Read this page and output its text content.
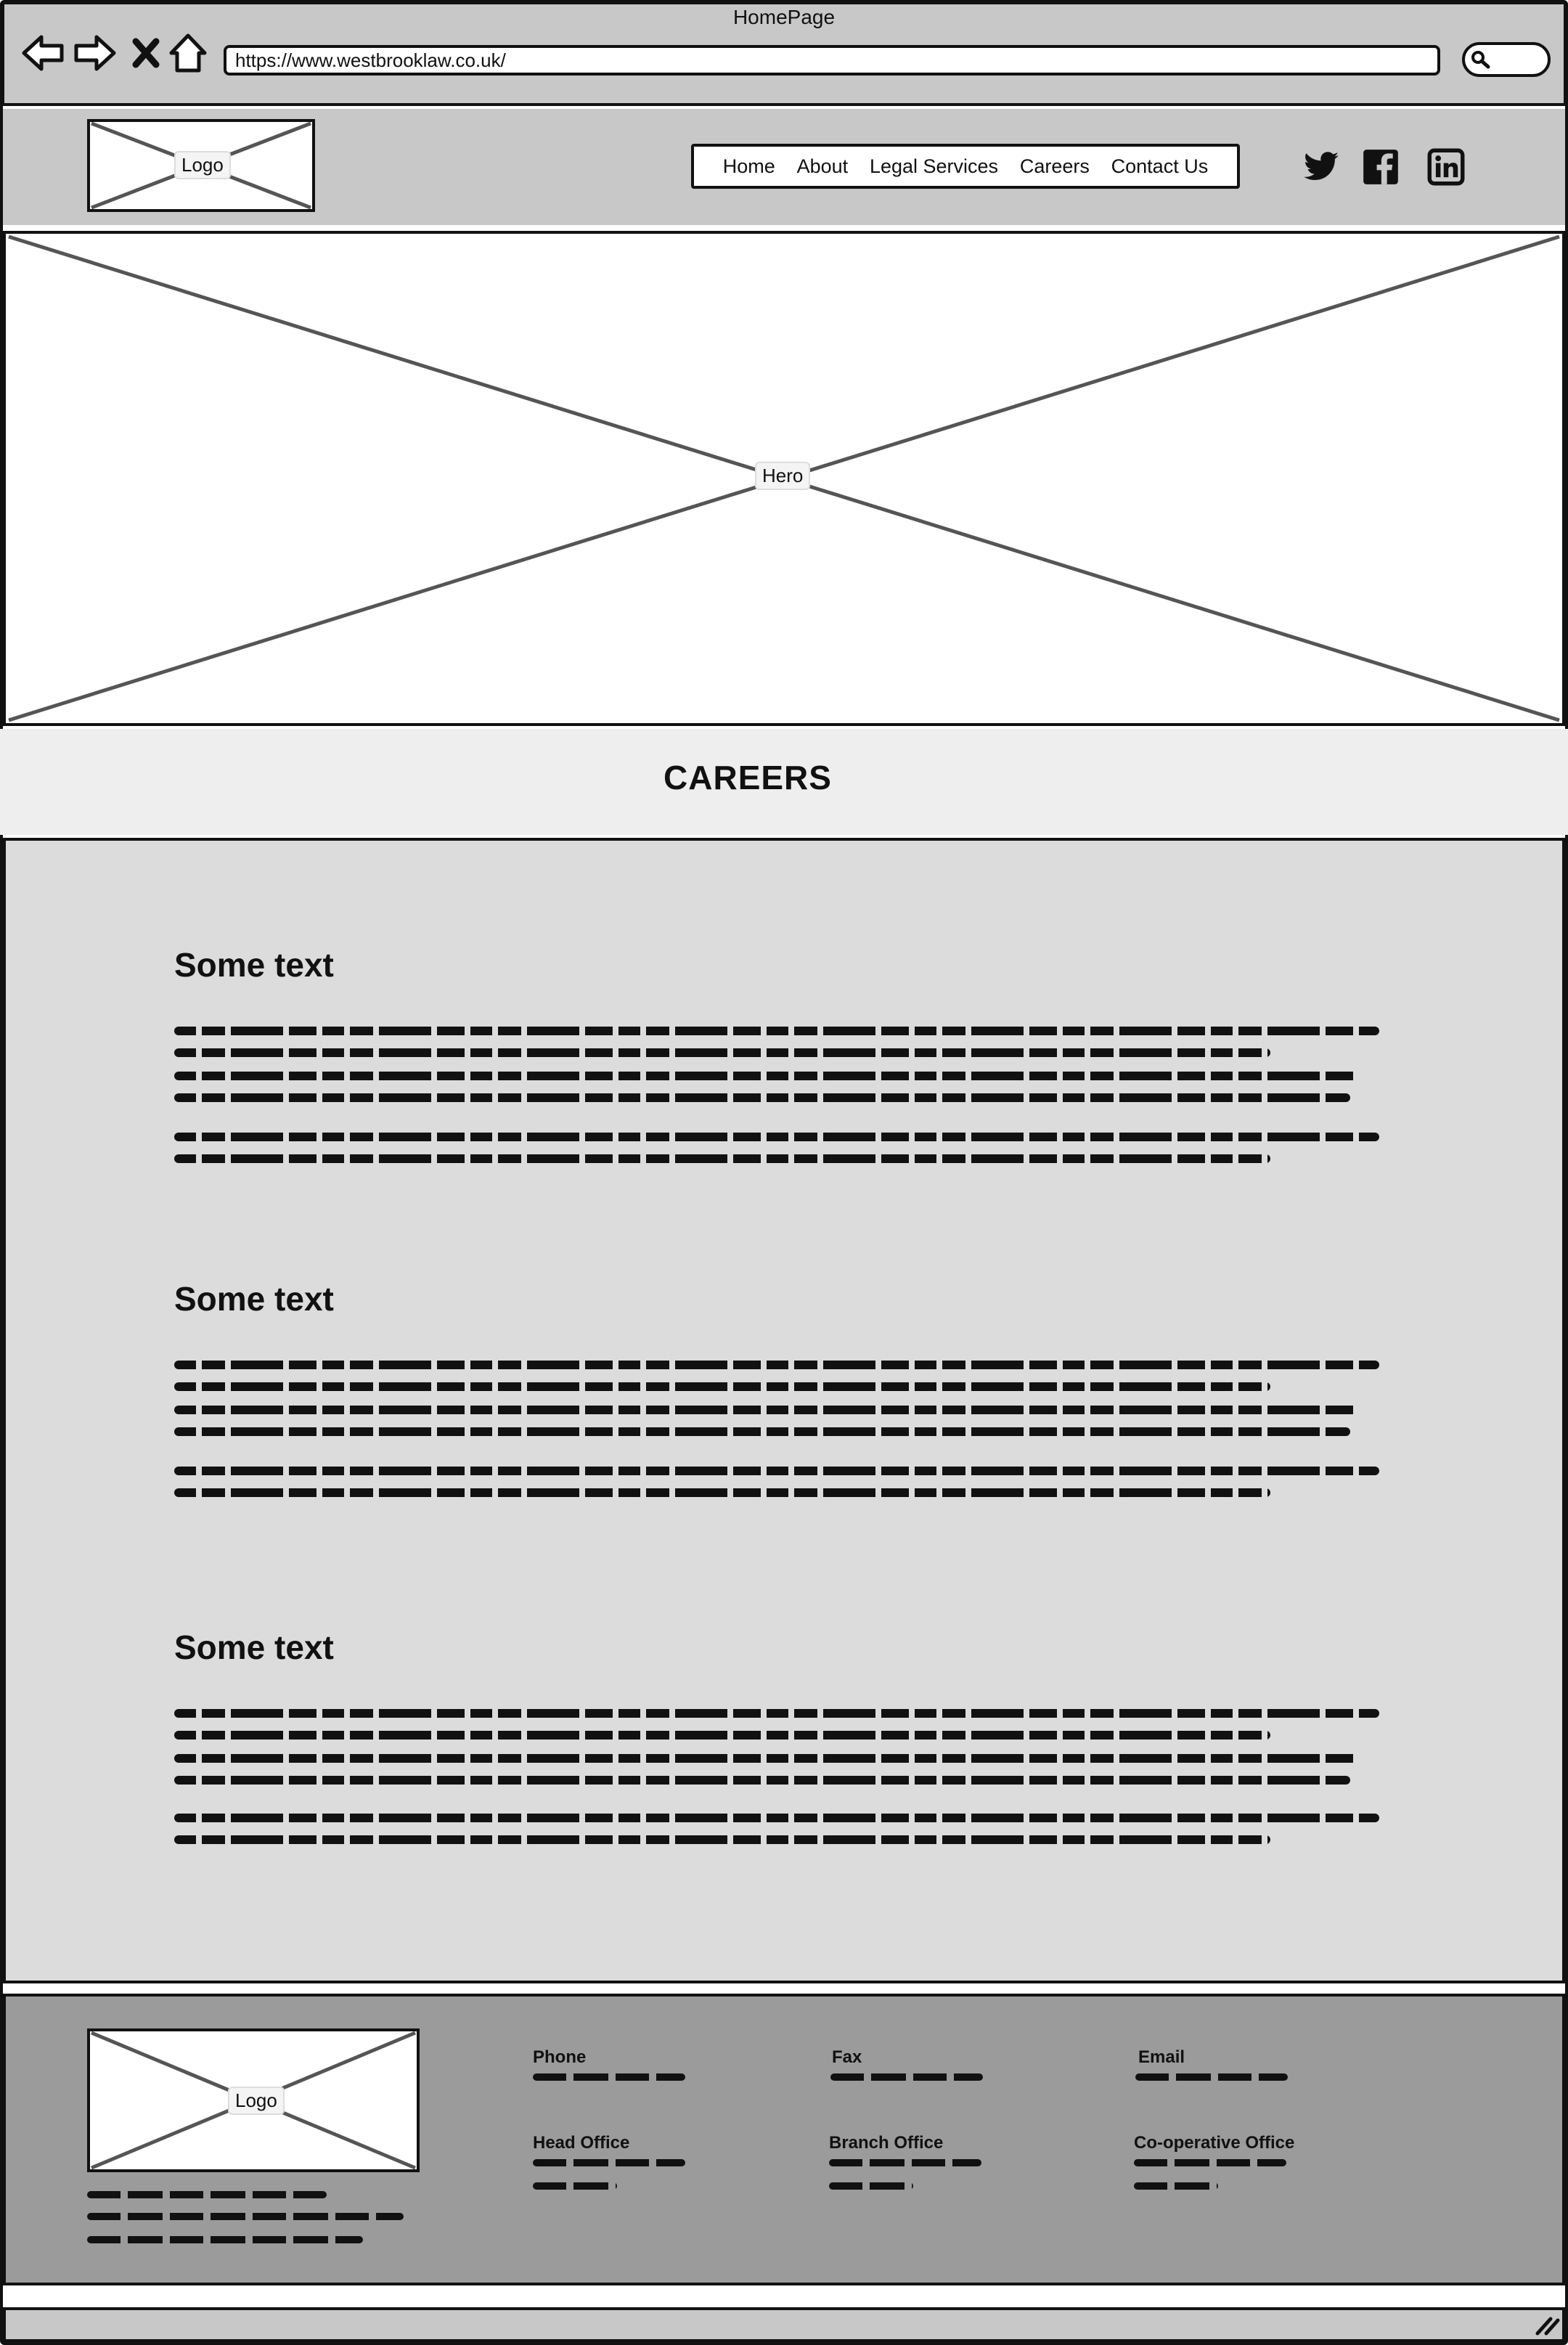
HomePage
https://www.westbrooklaw.co.uk/
Logo	Home About Legal Services Careers Contact Us
Hero
CAREERS
Some text
Some text
Some text
Logo
Phone	Fax	Email
Head Office	Branch Office	Co-operative Office
